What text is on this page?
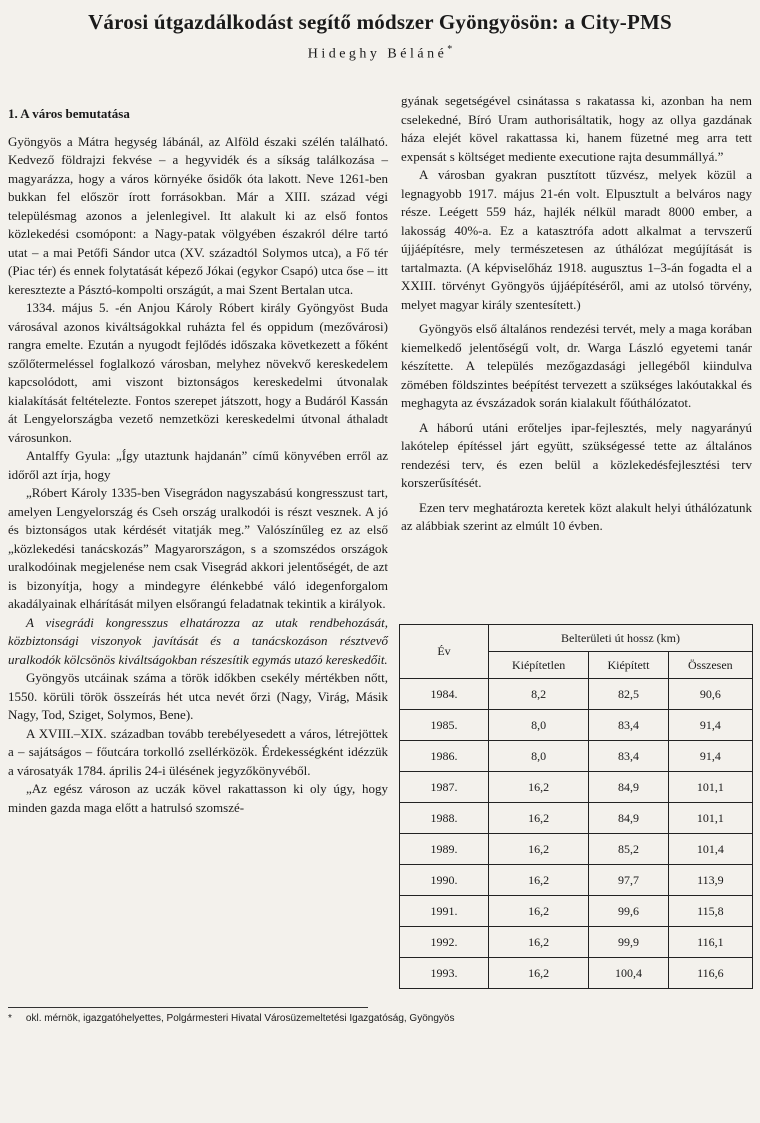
Városi útgazdálkodást segítő módszer Gyöngyösön: a City-PMS
Hideghy Béláné*
1. A város bemutatása

Gyöngyös a Mátra hegység lábánál, az Alföld északi szélén található. Kedvező földrajzi fekvése – a hegyvidék és a síkság találkozása – magyarázza, hogy a város környéke ősidők óta lakott. Neve 1261-ben bukkan fel először írott forrásokban. Már a XIII. század végi településmag azonos a jelenlegivel. Itt alakult ki az első fontos közlekedési csomópont: a Nagy-patak völgyében északról délre tartó utat – a mai Petőfi Sándor utca (XV. századtól Solymos utca), a Fő tér (Piac tér) és ennek folytatását képező Jókai (egykor Csapó) utca őse – itt keresztezte a Pásztó-kompolti országút, a mai Szent Bertalan utca.

1334. május 5. -én Anjou Károly Róbert király Gyöngyöst Buda városával azonos kiváltságokkal ruházta fel és oppidum (mezővárosi) rangra emelte. Ezután a nyugodt fejlődés időszaka következett a főként szőlőtermeléssel foglalkozó városban, melyhez növekvő kereskedelem kapcsolódott, ami viszont biztonságos kereskedelmi útvonalak kialakítását feltételezte. Fontos szerepet játszott, hogy a Budáról Kassán át Lengyelországba vezető nemzetközi kereskedelmi útvonal áthaladt városunkon.

Antalffy Gyula: „Így utaztunk hajdanán” című könyvében erről az időről azt írja, hogy

„Róbert Károly 1335-ben Visegrádon nagyszabású kongresszust tart, amelyen Lengyelország és Cseh ország uralkodói is részt vesznek. A jó és biztonságos utak kérdését vitatják meg.” Valószínűleg ez az első „közlekedési tanácskozás” Magyarországon, s a szomszédos országok uralkodóinak megjelenése nem csak Visegrád akkori jelentőségét, de azt is bizonyítja, hogy a mindegyre élénkebbé váló idegenforgalom akadályainak elhárítását milyen elsőrangú feladatnak tekintik a királyok.

A visegrádi kongresszus elhatározza az utak rendbehozását, közbiztonsági viszonyok javítását és a tanácskozáson résztvevő uralkodók kölcsönös kiváltságokban részesítik egymás utazó kereskedőit.

Gyöngyös utcáinak száma a török időkben csekély mértékben nőtt, 1550. körüli török összeírás hét utca nevét őrzi (Nagy, Virág, Másik Nagy, Tod, Sziget, Solymos, Bene).

A XVIII.–XIX. században tovább terebélyesedett a város, létrejöttek a – sajátságos – főutcára torkolló zsellérközök. Érdekességként idézzük a városatyák 1784. április 24-i ülésének jegyzőkönyvéből.

„Az egész városon az uczák kövel rakattasson ki oly úgy, hogy minden gazda maga előtt a hatrulsó szomszé-

gyának segetségével csinátassa s rakatassa ki, azonban ha nem cselekedné, Bíró Uram authorisáltatik, hogy az ollya gazdának háza elejét kövel rakattassa ki, hanem füzetné meg arra tett expensát s költséget mediente executione rajta desummállyá.”

A városban gyakran pusztított tűzvész, melyek közül a legnagyobb 1917. május 21-én volt. Elpusztult a belváros nagy része. Leégett 559 ház, hajlék nélkül maradt 8000 ember, a lakosság 40%-a. Ez a katasztrófa adott alkalmat a tervszerű újjáépítésre, mely természetesen az úthálózat megújítását is tartalmazta. (A képviselőház 1918. augusztus 1–3-án fogadta el a XXIII. törvényt Gyöngyös újjáépítéséről, ami az utolsó törvény, melyet magyar király szentesített.)

Gyöngyös első általános rendezési tervét, mely a maga korában kiemelkedő jelentőségű volt, dr. Warga László egyetemi tanár készítette. A település mezőgazdasági jellegéből kiindulva zömében földszintes beépítést tervezett a szükséges lakóutakkal és meghagyta az évszázadok során kialakult főúthálózatot.

A háború utáni erőteljes ipar-fejlesztés, mely nagyarányú lakótelep építéssel járt együtt, szükségessé tette az általános rendezési terv, és ezen belül a közlekedésfejlesztési terv korszerűsítését.

Ezen terv meghatározta keretek közt alakult helyi úthálózatunk az alábbiak szerint az elmúlt 10 évben.

Év	Belterületi út hossz (km)		
	Kiépítetlen	Kiépített	Összesen
1984.	8,2	82,5	90,6
1985.	8,0	83,4	91,4
1986.	8,0	83,4	91,4
1987.	16,2	84,9	101,1
1988.	16,2	84,9	101,1
1989.	16,2	85,2	101,4
1990.	16,2	97,7	113,9
1991.	16,2	99,6	115,8
1992.	16,2	99,9	116,1
1993.	16,2	100,4	116,6
* okl. mérnök, igazgatóhelyettes, Polgármesteri Hivatal Városüzemeltetési Igazgatóság, Gyöngyös
